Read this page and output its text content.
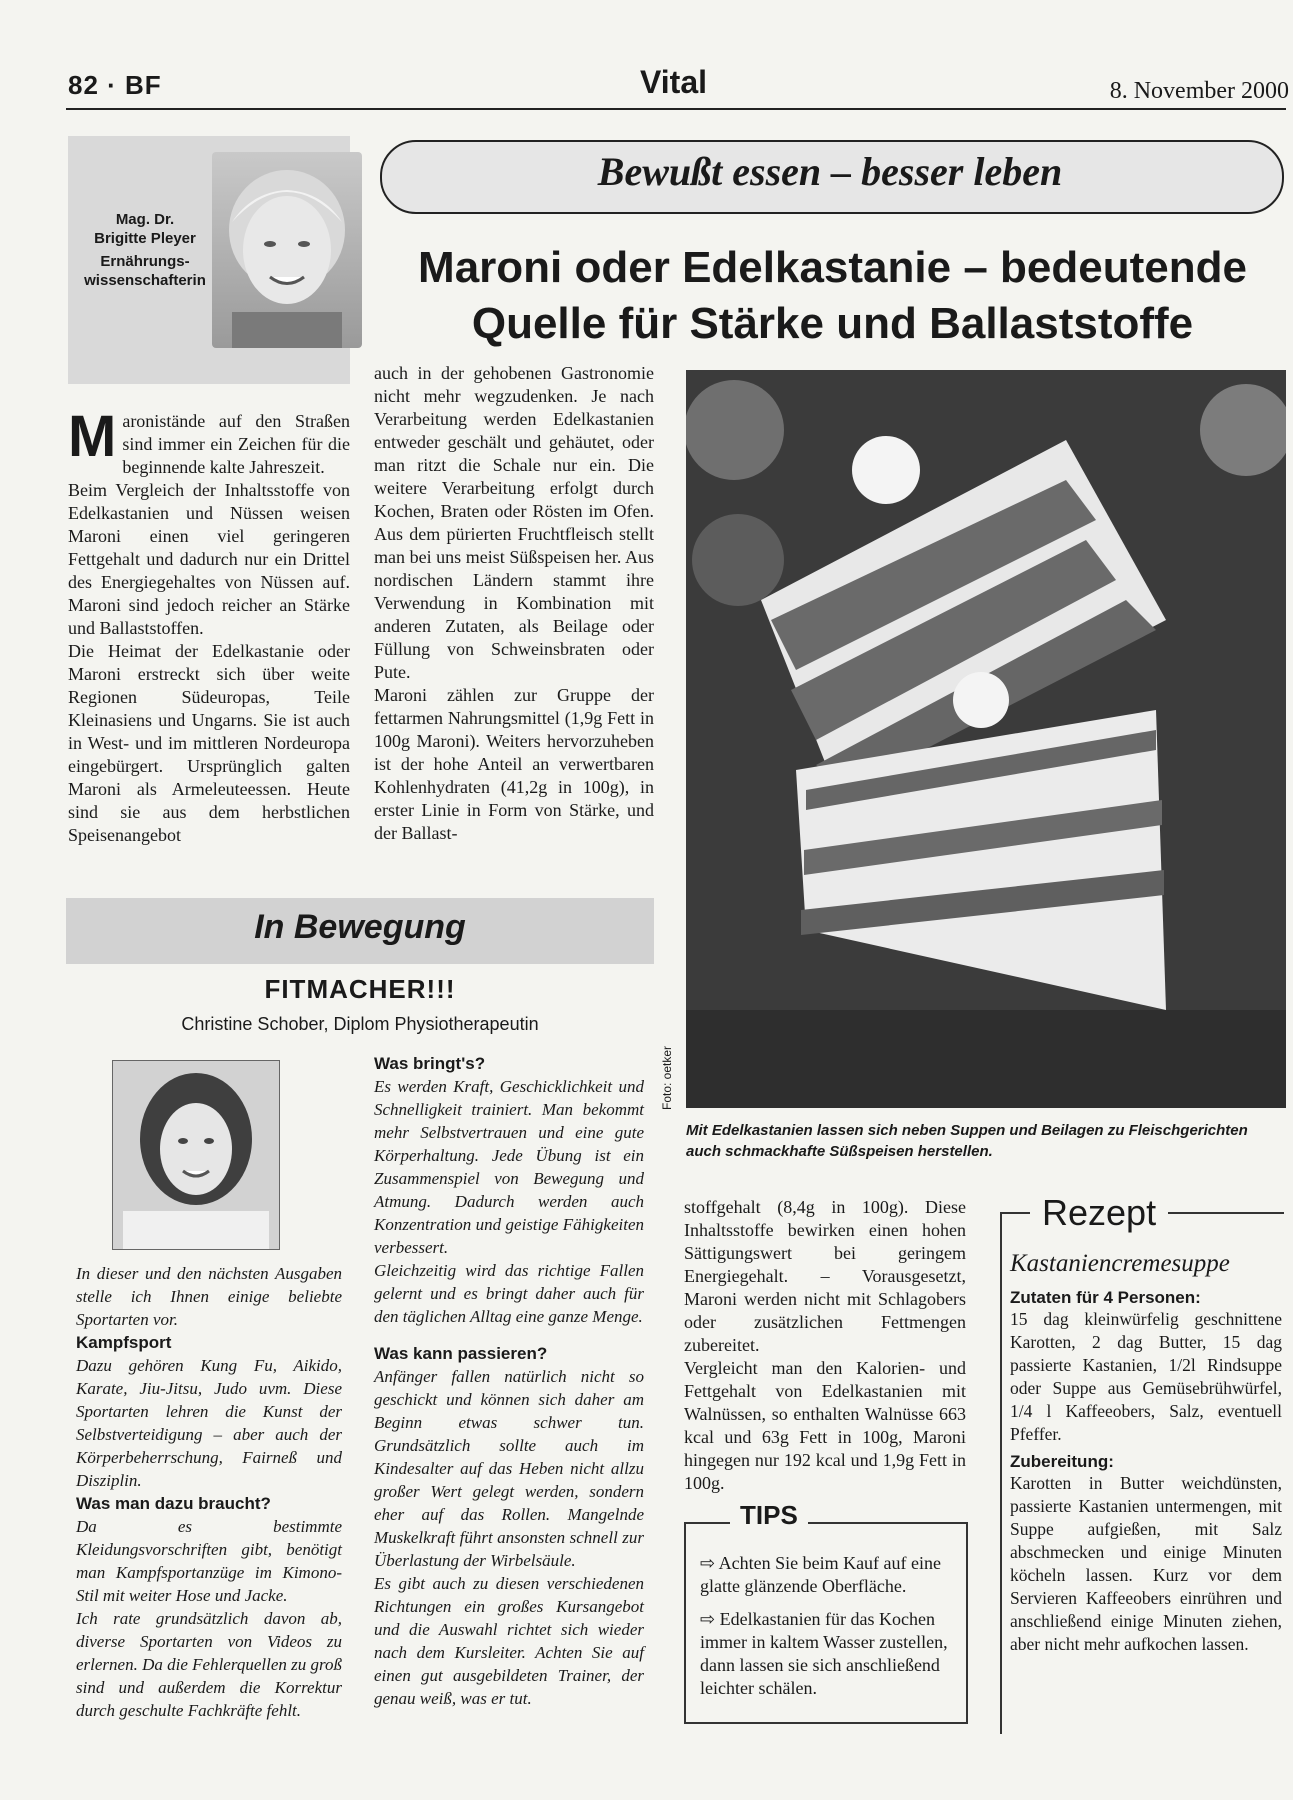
82 · BF	Vital	8. November 2000
Mag. Dr.
Brigitte Pleyer
Ernährungs-wissenschafterin
Bewußt essen – besser leben
Maroni oder Edelkastanie – bedeutende
Quelle für Stärke und Ballaststoffe
M aronistände auf den Straßen sind immer ein Zeichen für die beginnende kalte Jahreszeit.
Beim Vergleich der Inhaltsstoffe von Edelkastanien und Nüssen weisen Maroni einen viel geringeren Fettgehalt und dadurch nur ein Drittel des Energiegehaltes von Nüssen auf. Maroni sind jedoch reicher an Stärke und Ballaststoffen.
Die Heimat der Edelkastanie oder Maroni erstreckt sich über weite Regionen Südeuropas, Teile Kleinasiens und Ungarns. Sie ist auch in West- und im mittleren Nordeuropa eingebürgert. Ursprünglich galten Maroni als Armeleuteessen. Heute sind sie aus dem herbstlichen Speisenangebot
auch in der gehobenen Gastronomie nicht mehr wegzudenken. Je nach Verarbeitung werden Edelkastanien entweder geschält und gehäutet, oder man ritzt die Schale nur ein. Die weitere Verarbeitung erfolgt durch Kochen, Braten oder Rösten im Ofen. Aus dem pürierten Fruchtfleisch stellt man bei uns meist Süßspeisen her. Aus nordischen Ländern stammt ihre Verwendung in Kombination mit anderen Zutaten, als Beilage oder Füllung von Schweinsbraten oder Pute.
Maroni zählen zur Gruppe der fettarmen Nahrungsmittel (1,9g Fett in 100g Maroni). Weiters hervorzuheben ist der hohe Anteil an verwertbaren Kohlenhydraten (41,2g in 100g), in erster Linie in Form von Stärke, und der Ballast-
Foto: oetker
Mit Edelkastanien lassen sich neben Suppen und Beilagen zu Fleischgerichten auch schmackhafte Süßspeisen herstellen.
stoffgehalt (8,4g in 100g). Diese Inhaltsstoffe bewirken einen hohen Sättigungswert bei geringem Energiegehalt. – Vorausgesetzt, Maroni werden nicht mit Schlagobers oder zusätzlichen Fettmengen zubereitet.
Vergleicht man den Kalorien- und Fettgehalt von Edelkastanien mit Walnüssen, so enthalten Walnüsse 663 kcal und 63g Fett in 100g, Maroni hingegen nur 192 kcal und 1,9g Fett in 100g.
⇨ Achten Sie beim Kauf auf eine glatte glänzende Oberfläche.
⇨ Edelkastanien für das Kochen immer in kaltem Wasser zustellen, dann lassen sie sich anschließend leichter schälen.
TIPS
Rezept
Kastaniencremesuppe
Zutaten für 4 Personen:
15 dag kleinwürfelig geschnittene Karotten, 2 dag Butter, 15 dag passierte Kastanien, 1/2l Rindsuppe oder Suppe aus Gemüsebrühwürfel, 1/4 l Kaffeeobers, Salz, eventuell Pfeffer.
Zubereitung:
Karotten in Butter weichdünsten, passierte Kastanien untermengen, mit Suppe aufgießen, mit Salz abschmecken und einige Minuten köcheln lassen. Kurz vor dem Servieren Kaffeeobers einrühren und anschließend einige Minuten ziehen, aber nicht mehr aufkochen lassen.
In Bewegung
FITMACHER!!!
Christine Schober, Diplom Physiotherapeutin
In dieser und den nächsten Ausgaben stelle ich Ihnen einige beliebte Sportarten vor.
Kampfsport
Dazu gehören Kung Fu, Aikido, Karate, Jiu-Jitsu, Judo uvm. Diese Sportarten lehren die Kunst der Selbstverteidigung – aber auch der Körperbeherrschung, Fairneß und Disziplin.
Was man dazu braucht?
Da es bestimmte Kleidungsvorschriften gibt, benötigt man Kampfsportanzüge im Kimono-Stil mit weiter Hose und Jacke.
Ich rate grundsätzlich davon ab, diverse Sportarten von Videos zu erlernen. Da die Fehlerquellen zu groß sind und außerdem die Korrektur durch geschulte Fachkräfte fehlt.
Was bringt's?
Es werden Kraft, Geschicklichkeit und Schnelligkeit trainiert. Man bekommt mehr Selbstvertrauen und eine gute Körperhaltung. Jede Übung ist ein Zusammenspiel von Bewegung und Atmung. Dadurch werden auch Konzentration und geistige Fähigkeiten verbessert.
Gleichzeitig wird das richtige Fallen gelernt und es bringt daher auch für den täglichen Alltag eine ganze Menge.
Was kann passieren?
Anfänger fallen natürlich nicht so geschickt und können sich daher am Beginn etwas schwer tun. Grundsätzlich sollte auch im Kindesalter auf das Heben nicht allzu großer Wert gelegt werden, sondern eher auf das Rollen. Mangelnde Muskelkraft führt ansonsten schnell zur Überlastung der Wirbelsäule.
Es gibt auch zu diesen verschiedenen Richtungen ein großes Kursangebot und die Auswahl richtet sich wieder nach dem Kursleiter. Achten Sie auf einen gut ausgebildeten Trainer, der genau weiß, was er tut.
